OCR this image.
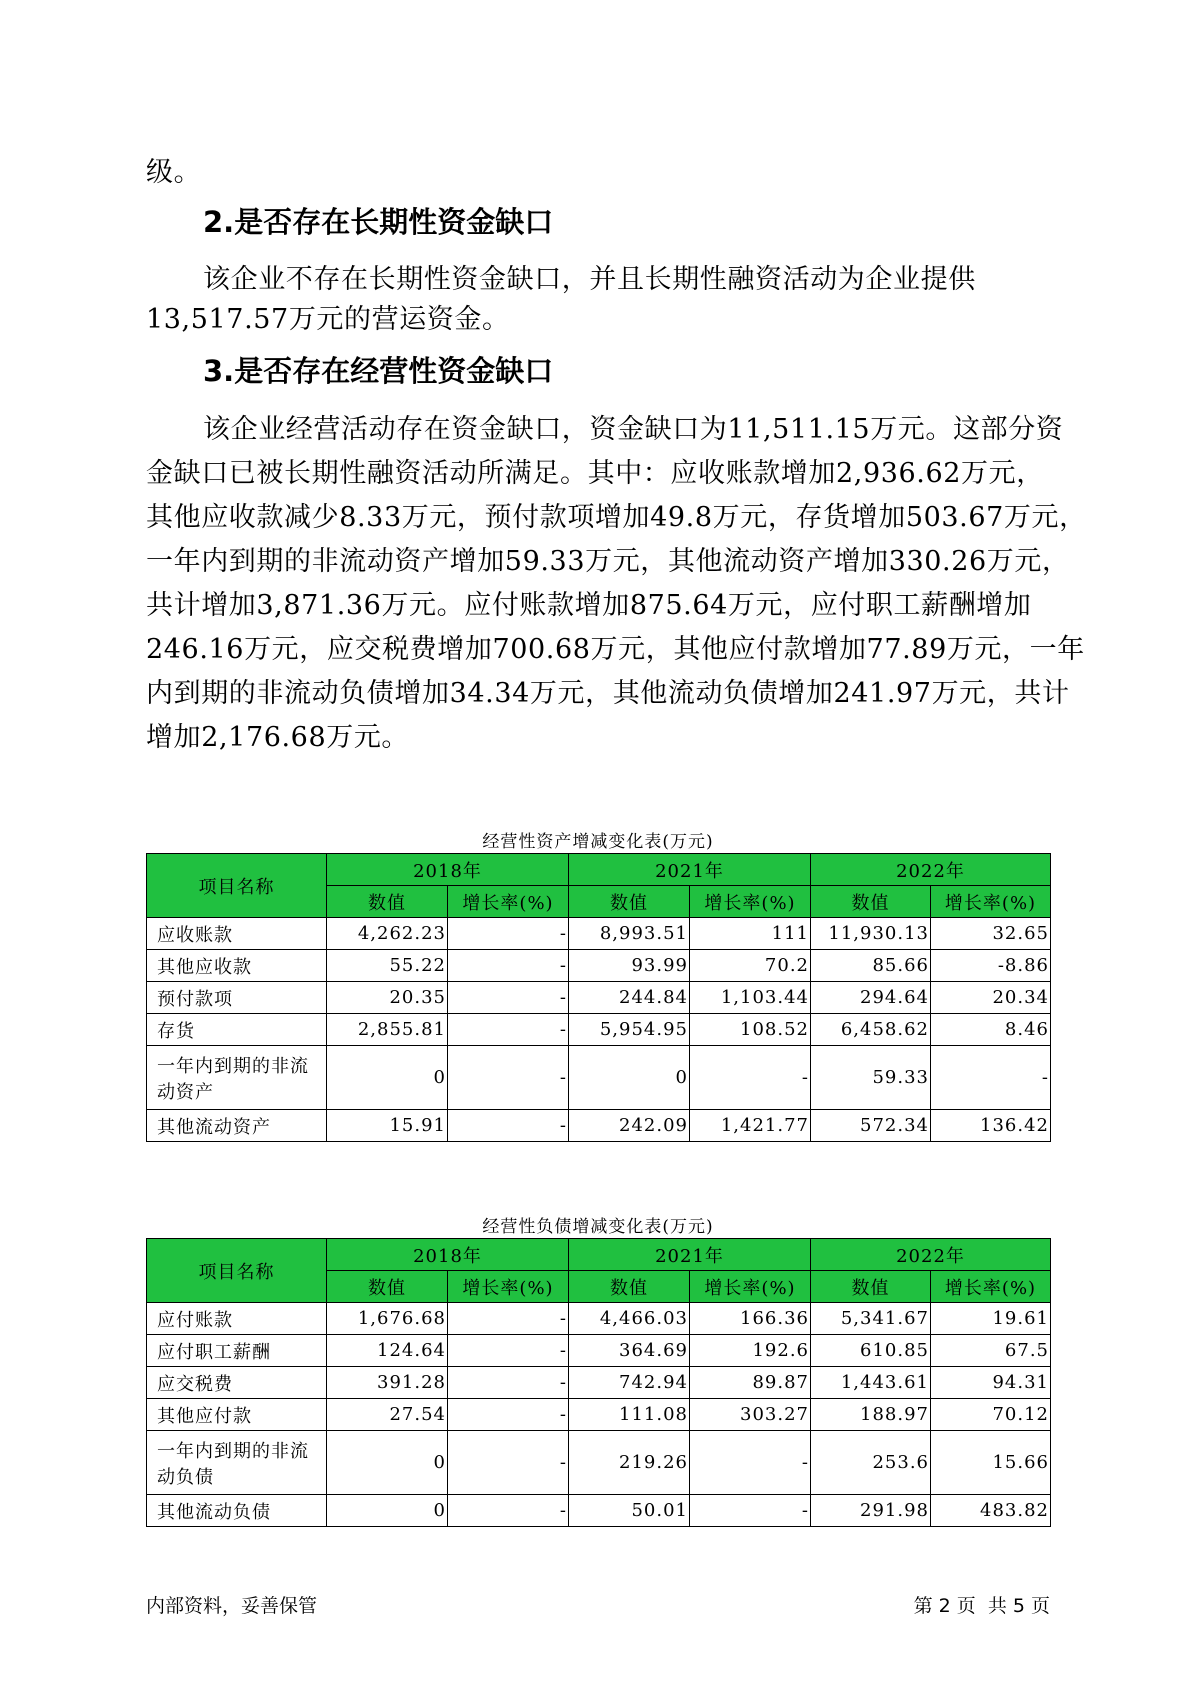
级。
2.是否存在长期性资金缺口
该企业不存在长期性资金缺口，并且长期性融资活动为企业提供
13,517.57万元的营运资金。
3.是否存在经营性资金缺口
该企业经营活动存在资金缺口，资金缺口为11,511.15万元。这部分资
金缺口已被长期性融资活动所满足。其中：应收账款增加2,936.62万元，
其他应收款减少8.33万元，预付款项增加49.8万元，存货增加503.67万元，
一年内到期的非流动资产增加59.33万元，其他流动资产增加330.26万元，
共计增加3,871.36万元。应付账款增加875.64万元，应付职工薪酬增加
246.16万元，应交税费增加700.68万元，其他应付款增加77.89万元，一年
内到期的非流动负债增加34.34万元，其他流动负债增加241.97万元，共计
增加2,176.68万元。
经营性资产增减变化表(万元)
项目名称	2018年		2021年		2022年	
	数值	增长率(%)	数值	增长率(%)	数值	增长率(%)
应收账款	4,262.23	-	8,993.51	111	11,930.13	32.65
其他应收款	55.22	-	93.99	70.2	85.66	-8.86
预付款项	20.35	-	244.84	1,103.44	294.64	20.34
存货	2,855.81	-	5,954.95	108.52	6,458.62	8.46
一年内到期的非流
动资产	0	-	0	-	59.33	-
其他流动资产	15.91	-	242.09	1,421.77	572.34	136.42
经营性负债增减变化表(万元)
项目名称	2018年		2021年		2022年	
	数值	增长率(%)	数值	增长率(%)	数值	增长率(%)
应付账款	1,676.68	-	4,466.03	166.36	5,341.67	19.61
应付职工薪酬	124.64	-	364.69	192.6	610.85	67.5
应交税费	391.28	-	742.94	89.87	1,443.61	94.31
其他应付款	27.54	-	111.08	303.27	188.97	70.12
一年内到期的非流
动负债	0	-	219.26	-	253.6	15.66
其他流动负债	0	-	50.01	-	291.98	483.82
内部资料，妥善保管	第 2 页  共 5 页
